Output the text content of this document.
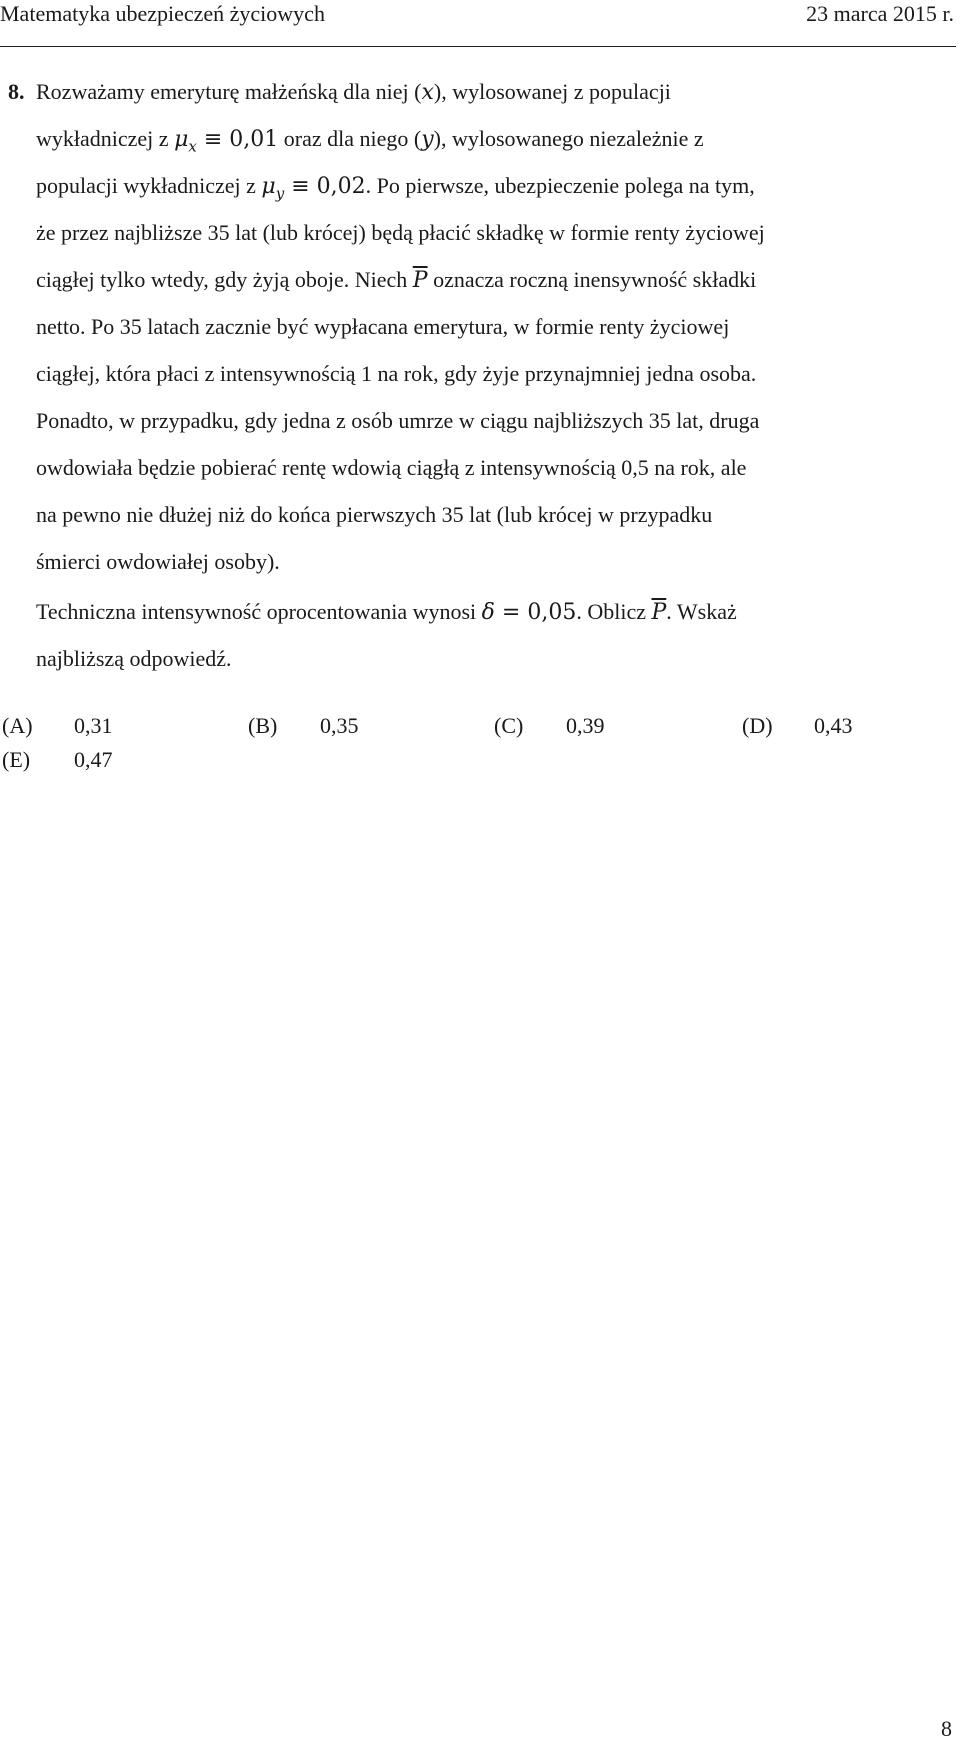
Matematyka ubezpieczeń życiowych	23 marca 2015 r.
8. Rozważamy emeryturę małżeńską dla niej (x), wylosowanej z populacji
wykładniczej z $\mu_x \equiv 0,01$ oraz dla niego (y), wylosowanego niezależnie z
populacji wykładniczej z $\mu_y \equiv 0,02$. Po pierwsze, ubezpieczenie polega na tym,
że przez najbliższe 35 lat (lub krócej) będą płacić składkę w formie renty życiowej
ciągłej tylko wtedy, gdy żyją oboje. Niech $\overline{P}$ oznacza roczną inensywność składki
netto. Po 35 latach zacznie być wypłacana emerytura, w formie renty życiowej
ciągłej, która płaci z intensywnością 1 na rok, gdy żyje przynajmniej jedna osoba.
Ponadto, w przypadku, gdy jedna z osób umrze w ciągu najbliższych 35 lat, druga
owdowiała będzie pobierać rentę wdowią ciągłą z intensywnością 0,5 na rok, ale
na pewno nie dłużej niż do końca pierwszych 35 lat (lub krócej w przypadku
śmierci owdowiałej osoby).
Techniczna intensywność oprocentowania wynosi δ = 0,05. Oblicz $\overline{P}$. Wskaż
najbliższą odpowiedź.
(A) 0,31	(B) 0,35	(C) 0,39	(D) 0,43
(E) 0,47
8
